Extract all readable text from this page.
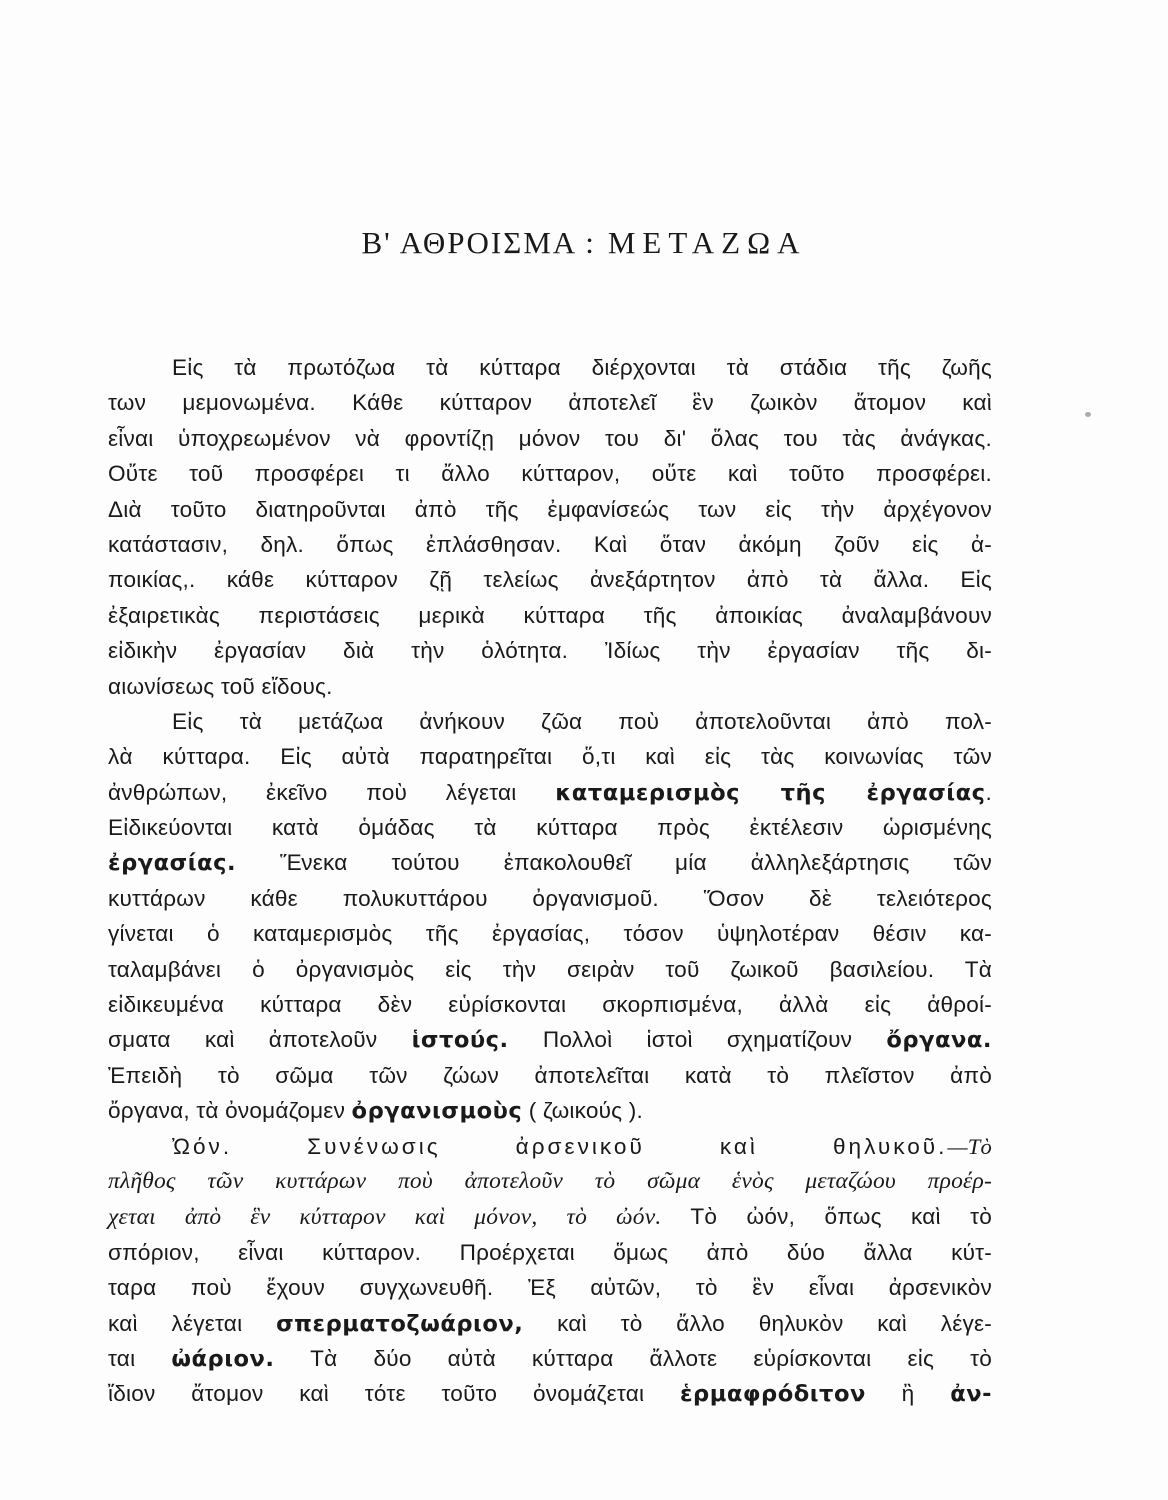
Β' ΑΘΡΟΙΣΜΑ : ΜΕΤΑΖΩΑ
Εἰς τὰ πρωτόζωα τὰ κύτταρα διέρχονται τὰ στάδια τῆς ζωῆς
των μεμονωμένα. Κάθε κύτταρον ἀποτελεῖ ἓν ζωικὸν ἄτομον καὶ
εἶναι ὑποχρεωμένον νὰ φροντίζῃ μόνον του δι' ὅλας του τὰς ἀνάγκας.
Οὔτε τοῦ προσφέρει τι ἄλλο κύτταρον, οὔτε καὶ τοῦτο προσφέρει.
Διὰ τοῦτο διατηροῦνται ἀπὸ τῆς ἐμφανίσεώς των εἰς τὴν ἀρχέγονον
κατάστασιν, δηλ. ὅπως ἐπλάσθησαν. Καὶ ὅταν ἀκόμη ζοῦν εἰς ἀ-
ποικίας,. κάθε κύτταρον ζῇ τελείως ἀνεξάρτητον ἀπὸ τὰ ἄλλα. Εἰς
ἐξαιρετικὰς περιστάσεις μερικὰ κύτταρα τῆς ἀποικίας ἀναλαμβάνουν
εἰδικὴν ἐργασίαν διὰ τὴν ὁλότητα. Ἰδίως τὴν ἐργασίαν τῆς δι-
αιωνίσεως τοῦ εἴδους.
Εἰς τὰ μετάζωα ἀνήκουν ζῶα ποὺ ἀποτελοῦνται ἀπὸ πολ-
λὰ κύτταρα. Εἰς αὐτὰ παρατηρεῖται ὅ,τι καὶ εἰς τὰς κοινωνίας τῶν
ἀνθρώπων, ἐκεῖνο ποὺ λέγεται καταμερισμὸς τῆς ἐργασίας.
Εἰδικεύονται κατὰ ὁμάδας τὰ κύτταρα πρὸς ἐκτέλεσιν ὡρισμένης
ἐργασίας. Ἕνεκα τούτου ἐπακολουθεῖ μία ἀλληλεξάρτησις τῶν
κυττάρων κάθε πολυκυττάρου ὀργανισμοῦ. Ὅσον δὲ τελειότερος
γίνεται ὁ καταμερισμὸς τῆς ἐργασίας, τόσον ὑψηλοτέραν θέσιν κα-
ταλαμβάνει ὁ ὀργανισμὸς εἰς τὴν σειρὰν τοῦ ζωικοῦ βασιλείου. Τὰ
εἰδικευμένα κύτταρα δὲν εὑρίσκονται σκορπισμένα, ἀλλὰ εἰς ἀθροί-
σματα καὶ ἀποτελοῦν ἱστούς. Πολλοὶ ἱστοὶ σχηματίζουν ὄργανα.
Ἐπειδὴ τὸ σῶμα τῶν ζώων ἀποτελεῖται κατὰ τὸ πλεῖστον ἀπὸ
ὄργανα, τὰ ὀνομάζομεν ὀργανισμοὺς ( ζωικούς ).
Ὠόν. Συνένωσις ἀρσενικοῦ καὶ θηλυκοῦ.—Τὸ
πλῆθος τῶν κυττάρων ποὺ ἀποτελοῦν τὸ σῶμα ἑνὸς μεταζώου προέρ-
χεται ἀπὸ ἓν κύτταρον καὶ μόνον, τὸ ὠόν. Τὸ ὠόν, ὅπως καὶ τὸ
σπόριον, εἶναι κύτταρον. Προέρχεται ὅμως ἀπὸ δύο ἄλλα κύτ-
ταρα ποὺ ἔχουν συγχωνευθῆ. Ἐξ αὐτῶν, τὸ ἓν εἶναι ἀρσενικὸν
καὶ λέγεται σπερματοζωάριον, καὶ τὸ ἄλλο θηλυκὸν καὶ λέγε-
ται ὠάριον. Τὰ δύο αὐτὰ κύτταρα ἄλλοτε εὑρίσκονται εἰς τὸ
ἴδιον ἄτομον καὶ τότε τοῦτο ὀνομάζεται ἑρμαφρόδιτον ἢ ἀν-
